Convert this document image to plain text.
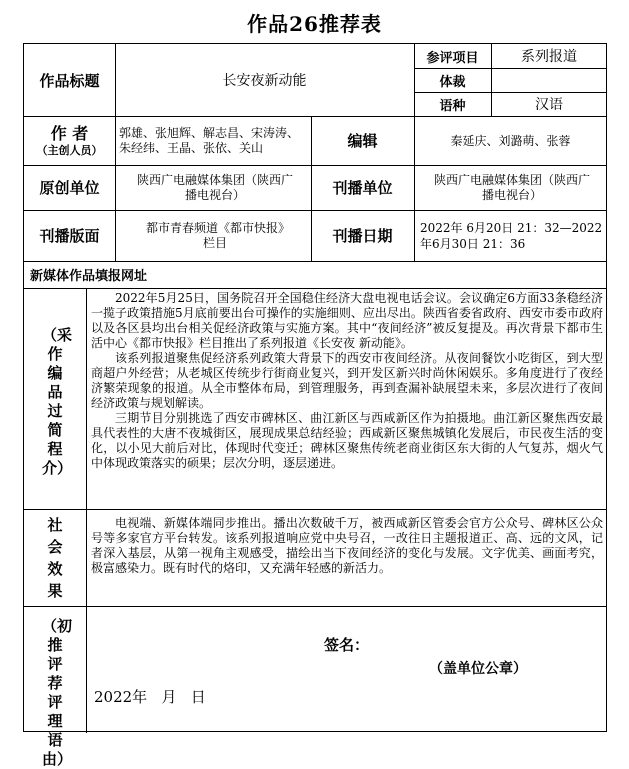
作品26推荐表
作品标题	长安夜新动能
参评项目	系列报道
体裁
语种	汉语
作 者
（主创人员）
郭雄、张旭辉、解志昌、宋涛涛、朱经纬、王晶、张依、关山	编辑	秦延庆、刘潞萌、张蓉
原创单位	陕西广电融媒体集团（陕西广播电视台）	刊播单位	陕西广电融媒体集团（陕西广播电视台）
刊播版面	都市青春频道《都市快报》栏目	刊播日期	2022年 6月20日 21：32—2022年6月30日 21：36
新媒体作品填报网址
（采作编品过简程介）

2022年5月25日，国务院召开全国稳住经济大盘电视电话会议。会议确定6方面33条稳经济一揽子政策措施5月底前要出台可操作的实施细则、应出尽出。陕西省委省政府、西安市委市政府以及各区县均出台相关促经济政策与实施方案。其中“夜间经济”被反复提及。再次背景下都市生活中心《都市快报》栏目推出了系列报道《长安夜 新动能》。

该系列报道聚焦促经济系列政策大背景下的西安市夜间经济。从夜间餐饮小吃街区，到大型商超户外经营；从老城区传统步行街商业复兴，到开发区新兴时尚休闲娱乐。多角度进行了夜经济繁荣现象的报道。从全市整体布局，到管理服务，再到查漏补缺展望未来，多层次进行了夜间经济政策与规划解读。

三期节目分别挑选了西安市碑林区、曲江新区与西咸新区作为拍摄地。曲江新区聚焦西安最具代表性的大唐不夜城街区，展现成果总结经验；西咸新区聚焦城镇化发展后，市民夜生活的变化，以小见大前后对比，体现时代变迁；碑林区聚焦传统老商业街区东大街的人气复苏，烟火气中体现政策落实的硕果；层次分明，逐层递进。

社会效果

电视端、新媒体端同步推出。播出次数破千万，被西咸新区管委会官方公众号、碑林区公众号等多家官方平台转发。该系列报道响应党中央号召，一改往日主题报道正、高、远的文风，记者深入基层，从第一视角主观感受，描绘出当下夜间经济的变化与发展。文字优美、画面考究，极富感染力。既有时代的烙印，又充满年轻感的新活力。

（初推评荐评理语由）
签名：
（盖单位公章）
2022年   月   日
